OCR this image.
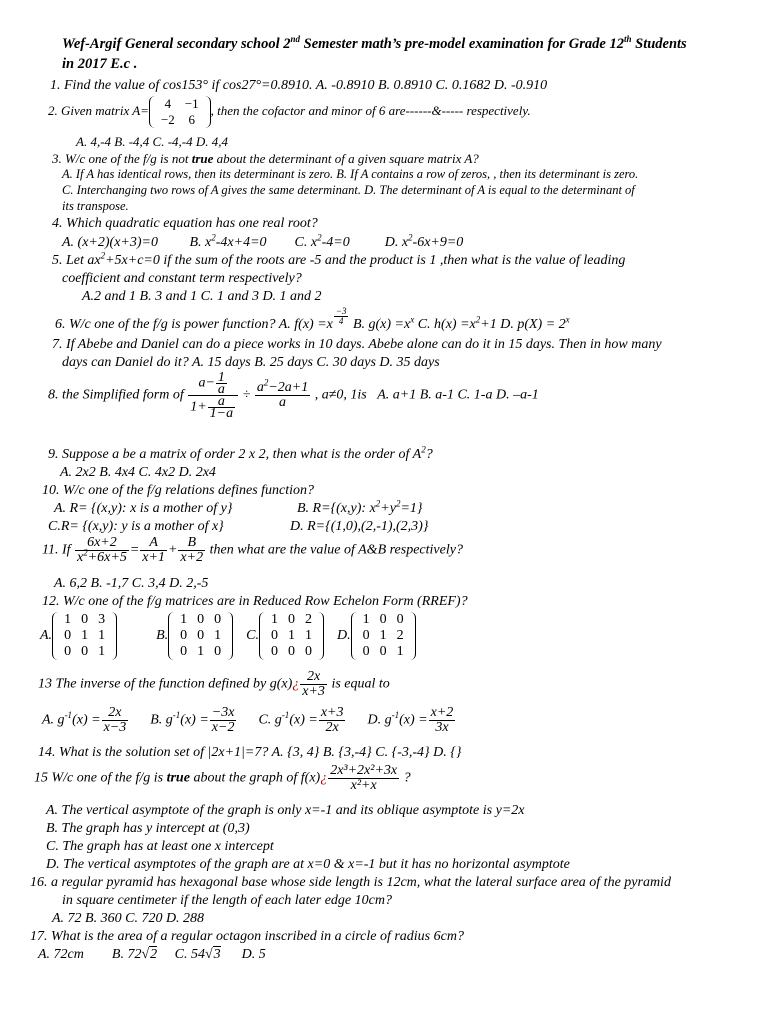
Wef-Argif General secondary school 2nd Semester math’s pre-model examination for Grade 12th Students
in 2017 E.c .
1. Find the value of cos153° if cos27°=0.8910. A. -0.8910 B. 0.8910 C. 0.1682 D. -0.910
2. Given matrix A= 4	−1
−2	6
, then the cofactor and minor of 6 are------&----- respectively.
A. 4,-4 B. -4,4 C. -4,-4 D. 4,4
3. W/c one of the f/g is not true about the determinant of a given square matrix A?
A. If A has identical rows, then its determinant is zero. B. If A contains a row of zeros, , then its determinant is zero.
C. Interchanging two rows of A gives the same determinant. D. The determinant of A is equal to the determinant of
its transpose.
4. Which quadratic equation has one real root?
A. (x+2)(x+3)=0 B. $x^2-4x+4=0$ C. $x^2-4=0$	D. $x^2-6x+9=0$
5. Let $ax^2+5x+c=0$ if the sum of the roots are -5 and the product is 1 ,then what is the value of leading
coefficient and constant term respectively?
A.2 and 1 B. 3 and 1 C. 1 and 3 D. 1 and 2
6. W/c one of the f/g is power function? A. f(x) =x $^{\frac{-3}{4}}$ B. $g(x) =x^x$ C. $h(x) =x^2+1$ D. $p(X) = 2^x$
7. If Abebe and Daniel can do a piece works in 10 days. Abebe alone can do it in 15 days. Then in how many
days can Daniel do it? A. 15 days B. 25 days C. 30 days D. 35 days
8. the Simplified form of $\frac{a- \frac{1}{a}}{1+ \frac{a}{1-a}} \div \frac{a^2-2a+1}{a}$ , a≠0, 1is A. a+1 B. a-1 C. 1-a D. –a-1
9. Suppose a be a matrix of order 2 x 2, then what is the order of $A^2$?
A. 2x2 B. 4x4 C. 4x2 D. 2x4
10. W/c one of the f/g relations defines function?
A. R= {(x,y): x is a mother of y}	B. R={(x,y): $x^2+y^2=1$}
C.R= {(x,y): y is a mother of x}	D. R={(1,0),(2,-1),(2,3)}
11. If $\frac{6x+2}{x^2+6x+5} = \frac{A}{x+1} + \frac{B}{x+2}$ then what are the value of A&B respectively?
A. 6,2 B. -1,7 C. 3,4 D. 2,-5
12. W/c one of the f/g matrices are in Reduced Row Echelon Form (RREF)?
A.
1	0	3
0	1	1
0	0	1
B.
1	0	0
0	0	1
0	1	0
C.
1	0	2
0	1	1
0	0	0
D.
1	0	0
0	1	2
0	0	1
13 The inverse of the function defined by g(x)¿ $\frac{2x}{x+3}$ is equal to
A. $g^{-1}(x) = \frac{2x}{x-3} B$. $g^{-1}(x) = \frac{-3x}{x-2} C$. $g^{-1}(x) = \frac{x+3}{2x} D$. $g^{-1}(x) = \frac{x+2}{3x}$
14. What is the solution set of |2x+1|=7? A. {3, 4} B. {3,-4} C. {-3,-4} D. {}
15 W/c one of the f/g is true about the graph of f(x)¿ $\frac{\text{2x³+2x²+3x}}{\text{x²+x}}$ ?
A. The vertical asymptote of the graph is only x=-1 and its oblique asymptote is y=2x
B. The graph has y intercept at (0,3)
C. The graph has at least one x intercept
D. The vertical asymptotes of the graph are at x=0 & x=-1 but it has no horizontal asymptote
16. a regular pyramid has hexagonal base whose side length is 12cm, what the lateral surface area of the pyramid
in square centimeter if the length of each later edge 10cm?
A. 72 B. 360 C. 720 D. 288
17. What is the area of a regular octagon inscribed in a circle of radius 6cm?
A. 72cm B. 72√2 C. 54√3 D. 5
